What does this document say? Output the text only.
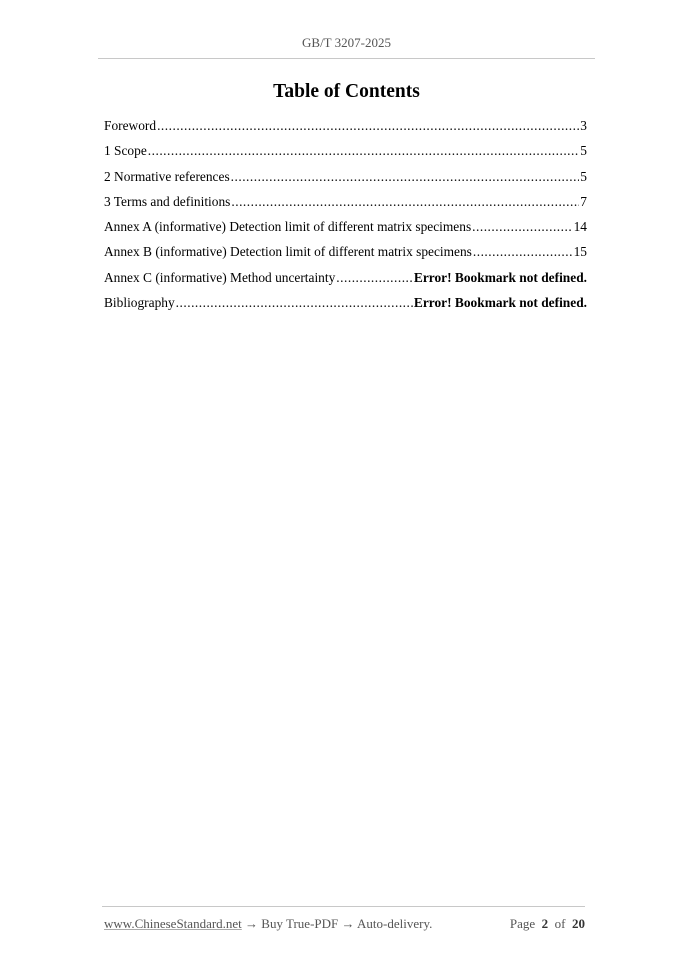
GB/T 3207-2025
Table of Contents
Foreword .....	3
1 Scope .....	5
2 Normative references .....	5
3 Terms and definitions .....	7
Annex A (informative) Detection limit of different matrix specimens .....	14
Annex B (informative) Detection limit of different matrix specimens .....	15
Annex C (informative) Method uncertainty .....	Error! Bookmark not defined.
Bibliography .....	Error! Bookmark not defined.
www.ChineseStandard.net → Buy True-PDF → Auto-delivery.	Page 2 of 20
